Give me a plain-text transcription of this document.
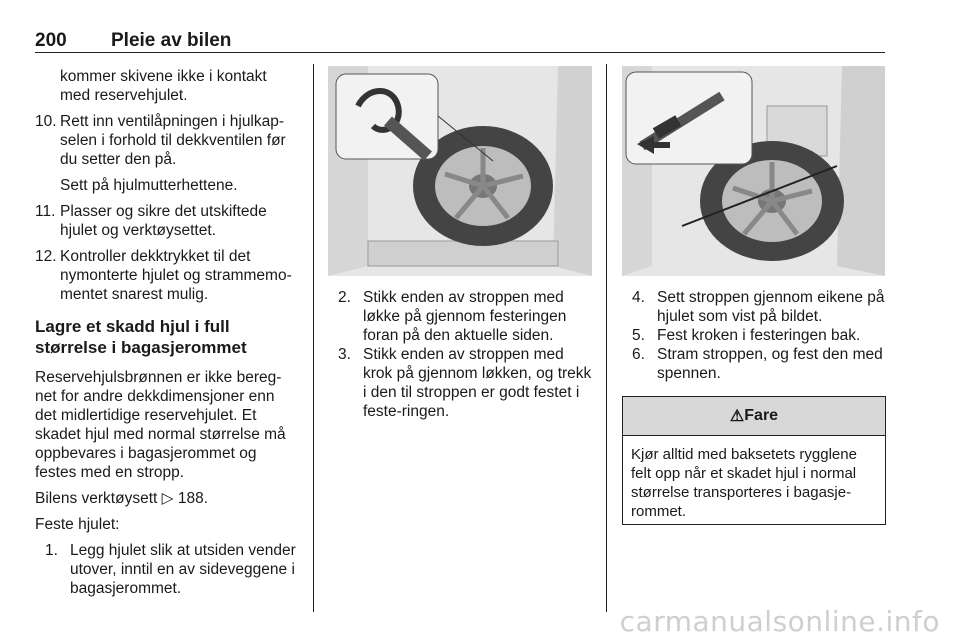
200 Pleie av bilen

kommer skivene ikke i kontakt med reservehjulet.

10. Rett inn ventilåpningen i hjulkap-selen i forhold til dekkventilen før du setter den på.

Sett på hjulmutterhettene.

11. Plasser og sikre det utskiftede hjulet og verktøysettet.
12. Kontroller dekktrykket til det nymonterte hjulet og strammemo-mentet snarest mulig.
Lagre et skadd hjul i full størrelse i bagasjerommet

Reservehjulsbrønnen er ikke bereg-net for andre dekkdimensjoner enn det midlertidige reservehjulet. Et skadet hjul med normal størrelse må oppbevares i bagasjerommet og festes med en stropp.

Bilens verktøysett ▷ 188.

Feste hjulet:

1. Legg hjulet slik at utsiden vender utover, inntil en av sideveggene i bagasjerommet.
2. Stikk enden av stroppen med løkke på gjennom festeringen foran på den aktuelle siden.
3. Stikk enden av stroppen med krok på gjennom løkken, og trekk i den til stroppen er godt festet i feste-ringen.
4. Sett stroppen gjennom eikene på hjulet som vist på bildet.
5. Fest kroken i festeringen bak.
6. Stram stroppen, og fest den med spennen.
⚠ Fare
Kjør alltid med baksetets rygglene felt opp når et skadet hjul i normal størrelse transporteres i bagasje-rommet.
carmanualsonline.info
